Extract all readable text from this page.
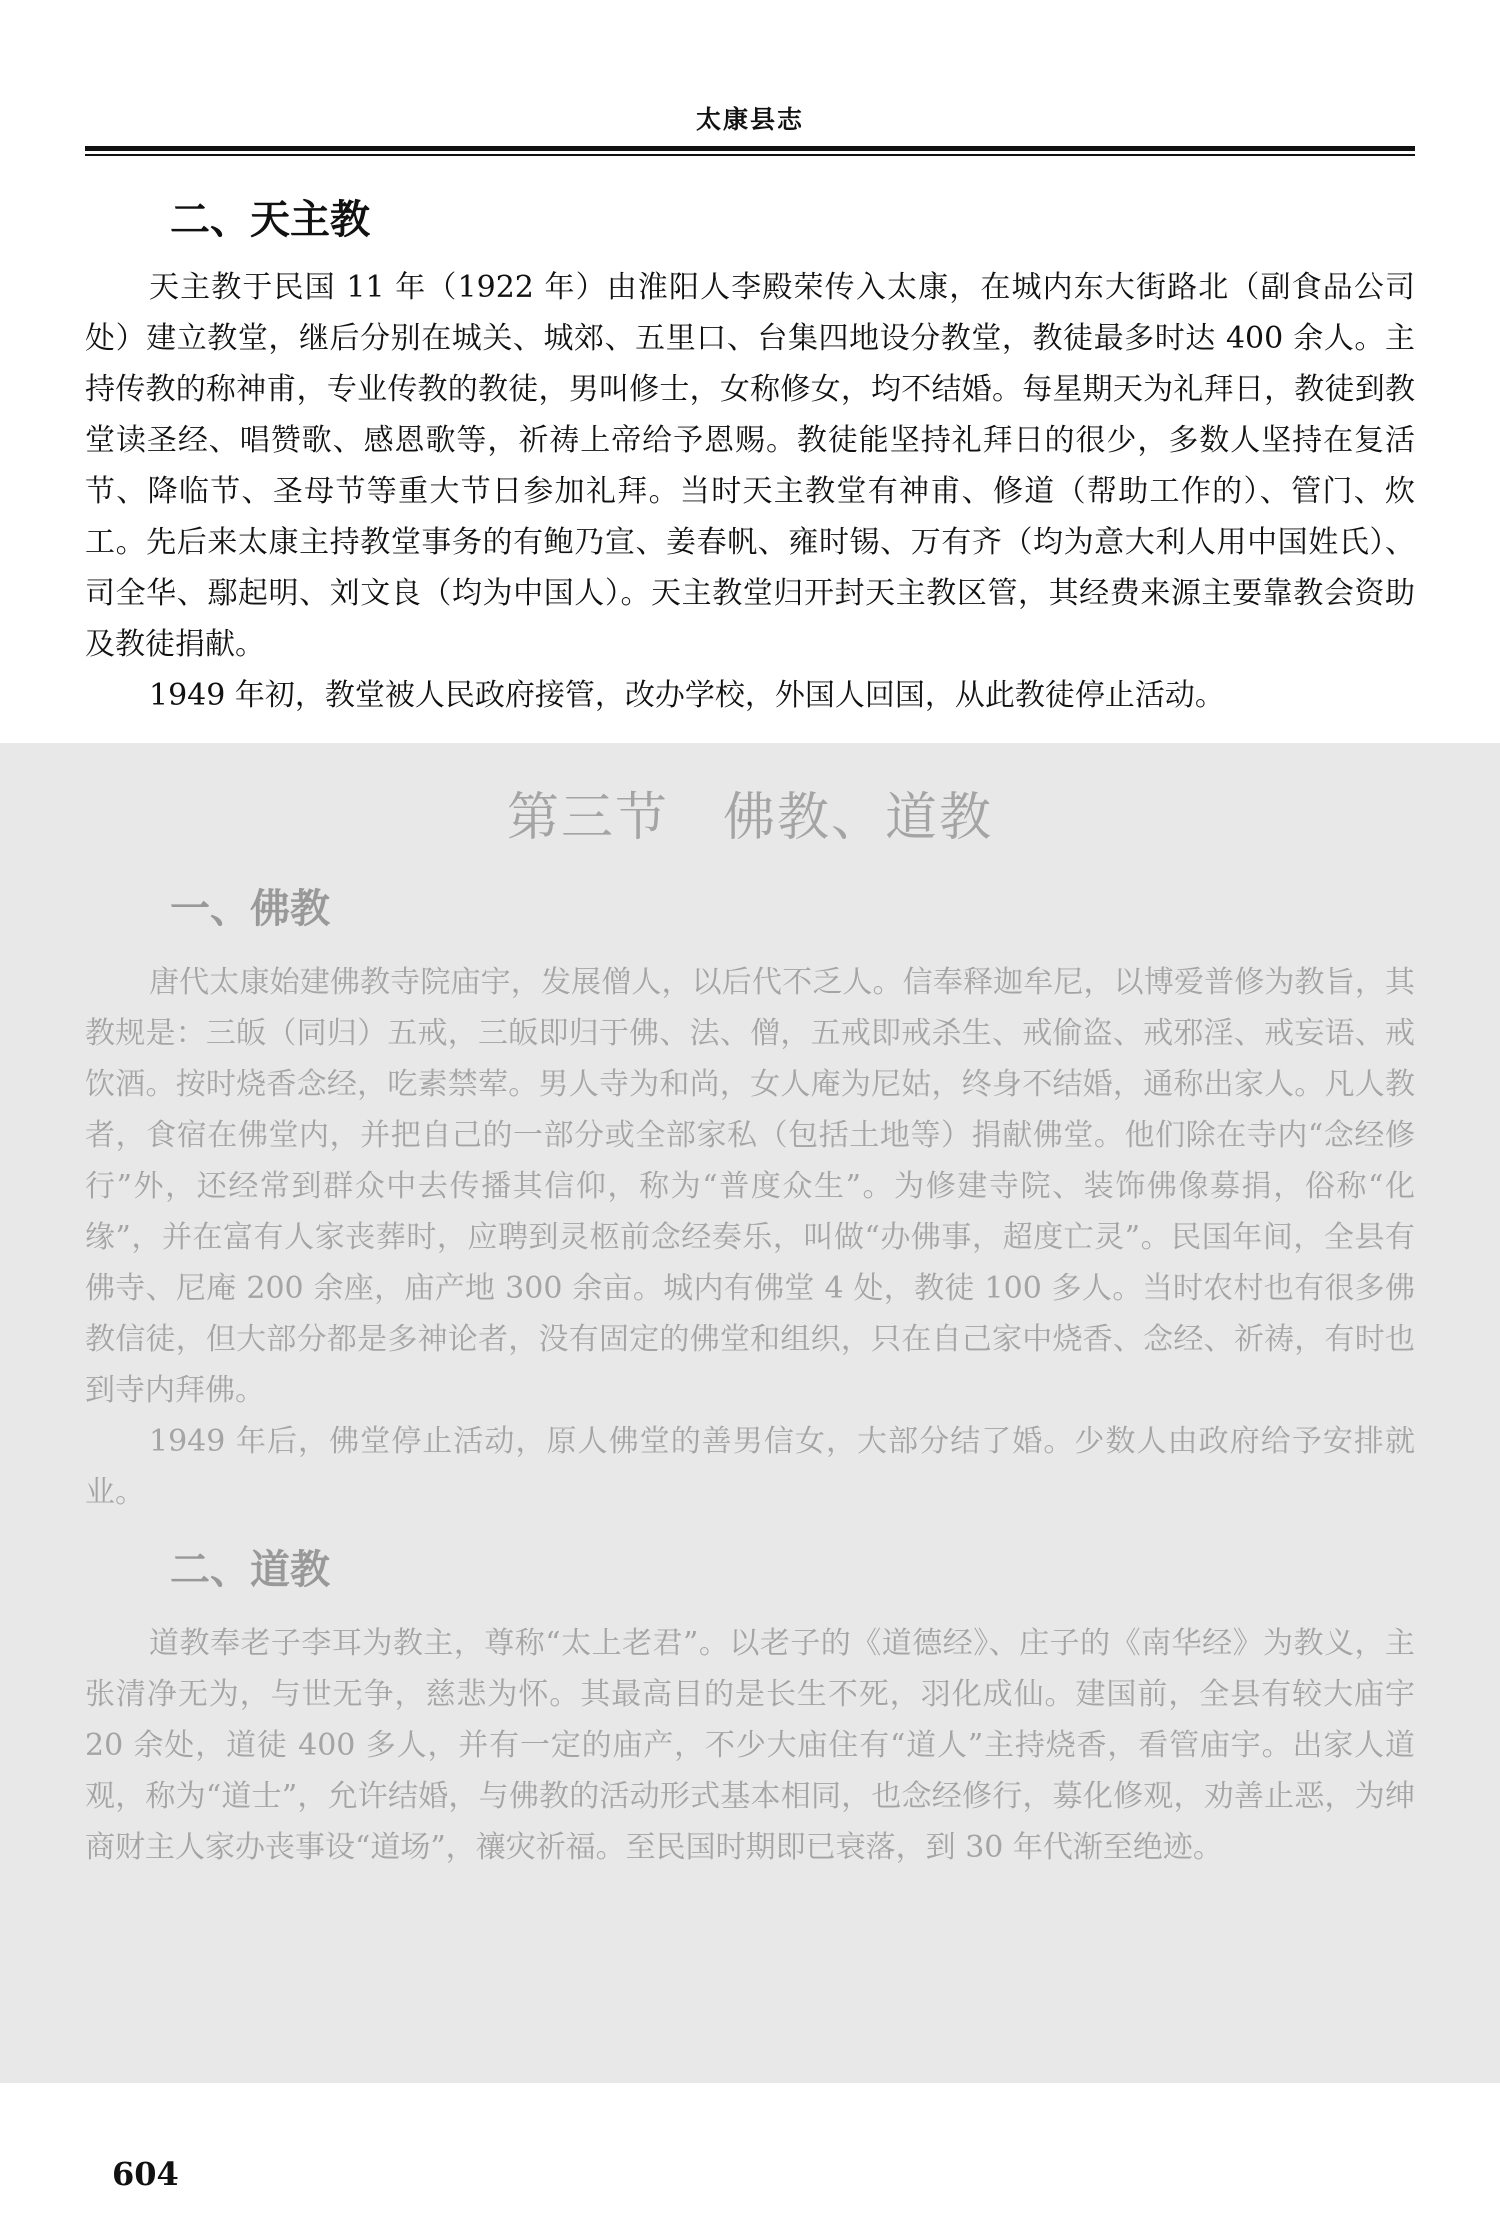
太康县志
二、天主教

天主教于民国 11 年（1922 年）由淮阳人李殿荣传入太康，在城内东大街路北（副食品公司处）建立教堂，继后分别在城关、城郊、五里口、台集四地设分教堂，教徒最多时达 400 余人。主持传教的称神甫，专业传教的教徒，男叫修士，女称修女，均不结婚。每星期天为礼拜日，教徒到教堂读圣经、唱赞歌、感恩歌等，祈祷上帝给予恩赐。教徒能坚持礼拜日的很少，多数人坚持在复活节、降临节、圣母节等重大节日参加礼拜。当时天主教堂有神甫、修道（帮助工作的）、管门、炊工。先后来太康主持教堂事务的有鲍乃宣、姜春帆、雍时锡、万有齐（均为意大利人用中国姓氏）、司全华、鄢起明、刘文良（均为中国人）。天主教堂归开封天主教区管，其经费来源主要靠教会资助及教徒捐献。

1949 年初，教堂被人民政府接管，改办学校，外国人回国，从此教徒停止活动。

第三节　佛教、道教
一、佛教

唐代太康始建佛教寺院庙宇，发展僧人，以后代不乏人。信奉释迦牟尼，以博爱普修为教旨，其教规是：三皈（同归）五戒，三皈即归于佛、法、僧，五戒即戒杀生、戒偷盗、戒邪淫、戒妄语、戒饮酒。按时烧香念经，吃素禁荤。男人寺为和尚，女人庵为尼姑，终身不结婚，通称出家人。凡人教者，食宿在佛堂内，并把自己的一部分或全部家私（包括土地等）捐献佛堂。他们除在寺内“念经修行”外，还经常到群众中去传播其信仰，称为“普度众生”。为修建寺院、装饰佛像募捐，俗称“化缘”，并在富有人家丧葬时，应聘到灵柩前念经奏乐，叫做“办佛事，超度亡灵”。民国年间，全县有佛寺、尼庵 200 余座，庙产地 300 余亩。城内有佛堂 4 处，教徒 100 多人。当时农村也有很多佛教信徒，但大部分都是多神论者，没有固定的佛堂和组织，只在自己家中烧香、念经、祈祷，有时也到寺内拜佛。

1949 年后，佛堂停止活动，原人佛堂的善男信女，大部分结了婚。少数人由政府给予安排就业。

二、道教

道教奉老子李耳为教主，尊称“太上老君”。以老子的《道德经》、庄子的《南华经》为教义，主张清净无为，与世无争，慈悲为怀。其最高目的是长生不死，羽化成仙。建国前，全县有较大庙宇 20 余处，道徒 400 多人，并有一定的庙产，不少大庙住有“道人”主持烧香，看管庙宇。出家人道观，称为“道士”，允许结婚，与佛教的活动形式基本相同，也念经修行，募化修观，劝善止恶，为绅商财主人家办丧事设“道场”，禳灾祈福。至民国时期即已衰落，到 30 年代渐至绝迹。

604
